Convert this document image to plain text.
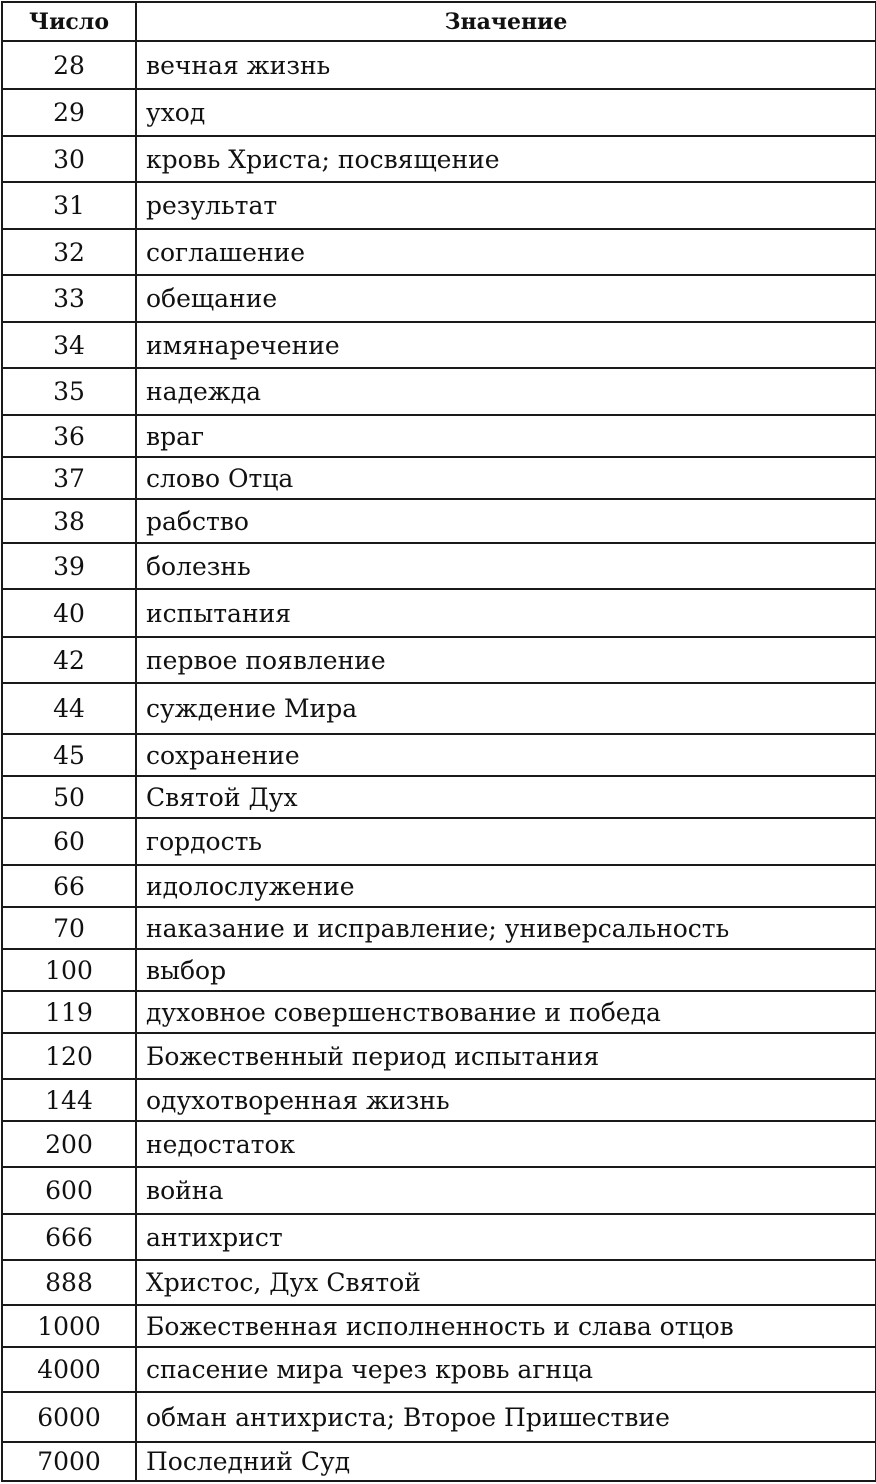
Число	Значение
28	вечная жизнь
29	уход
30	кровь Христа; посвящение
31	результат
32	соглашение
33	обещание
34	имянаречение
35	надежда
36	враг
37	слово Отца
38	рабство
39	болезнь
40	испытания
42	первое появление
44	суждение Мира
45	сохранение
50	Святой Дух
60	гордость
66	идолослужение
70	наказание и исправление; универсальность
100	выбор
119	духовное совершенствование и победа
120	Божественный период испытания
144	одухотворенная жизнь
200	недостаток
600	война
666	антихрист
888	Христос, Дух Святой
1000	Божественная исполненность и слава отцов
4000	спасение мира через кровь агнца
6000	обман антихриста; Второе Пришествие
7000	Последний Суд
